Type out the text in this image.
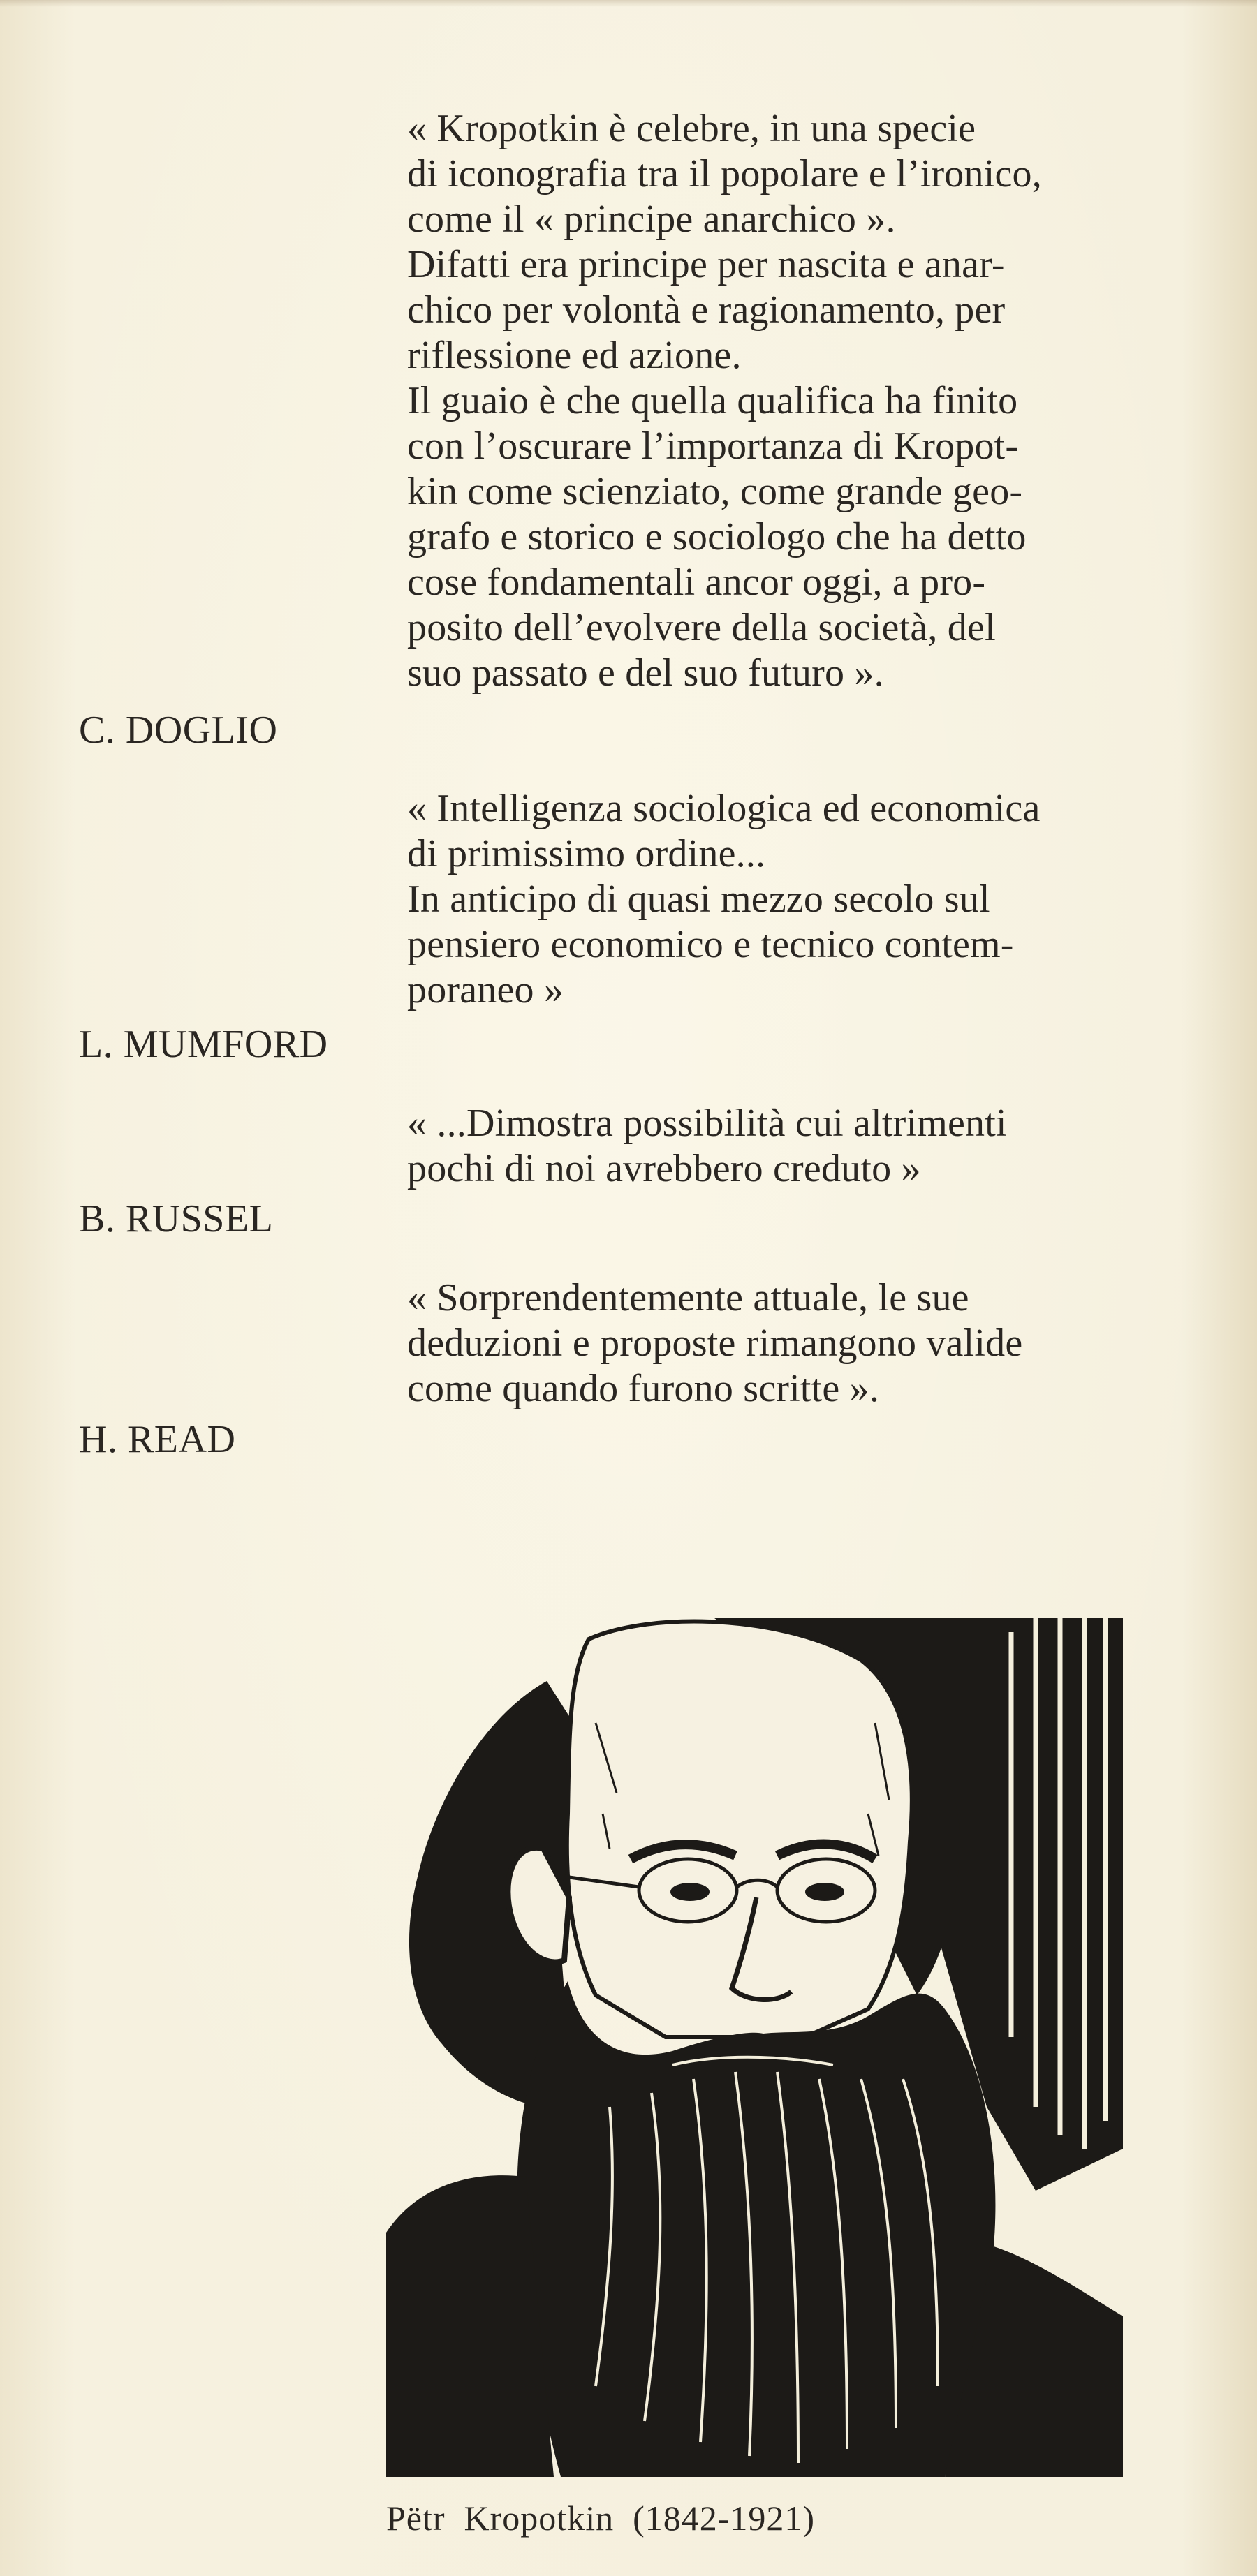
« Kropotkin è celebre, in una specie
di iconografia tra il popolare e l’ironico,
come il « principe anarchico ».
Difatti era principe per nascita e anar-
chico per volontà e ragionamento, per
riflessione ed azione.
Il guaio è che quella qualifica ha finito
con l’oscurare l’importanza di Kropot-
kin come scienziato, come grande geo-
grafo e storico e sociologo che ha detto
cose fondamentali ancor oggi, a pro-
posito dell’evolvere della società, del
suo passato e del suo futuro ».

C. DOGLIO

« Intelligenza sociologica ed economica
di primissimo ordine...
In anticipo di quasi mezzo secolo sul
pensiero economico e tecnico contem-
poraneo »

L. MUMFORD

« ...Dimostra possibilità cui altrimenti
pochi di noi avrebbero creduto »

B. RUSSEL

« Sorprendentemente attuale, le sue
deduzioni e proposte rimangono valide
come quando furono scritte ».

H. READ

Pëtr  Kropotkin  (1842-1921)
